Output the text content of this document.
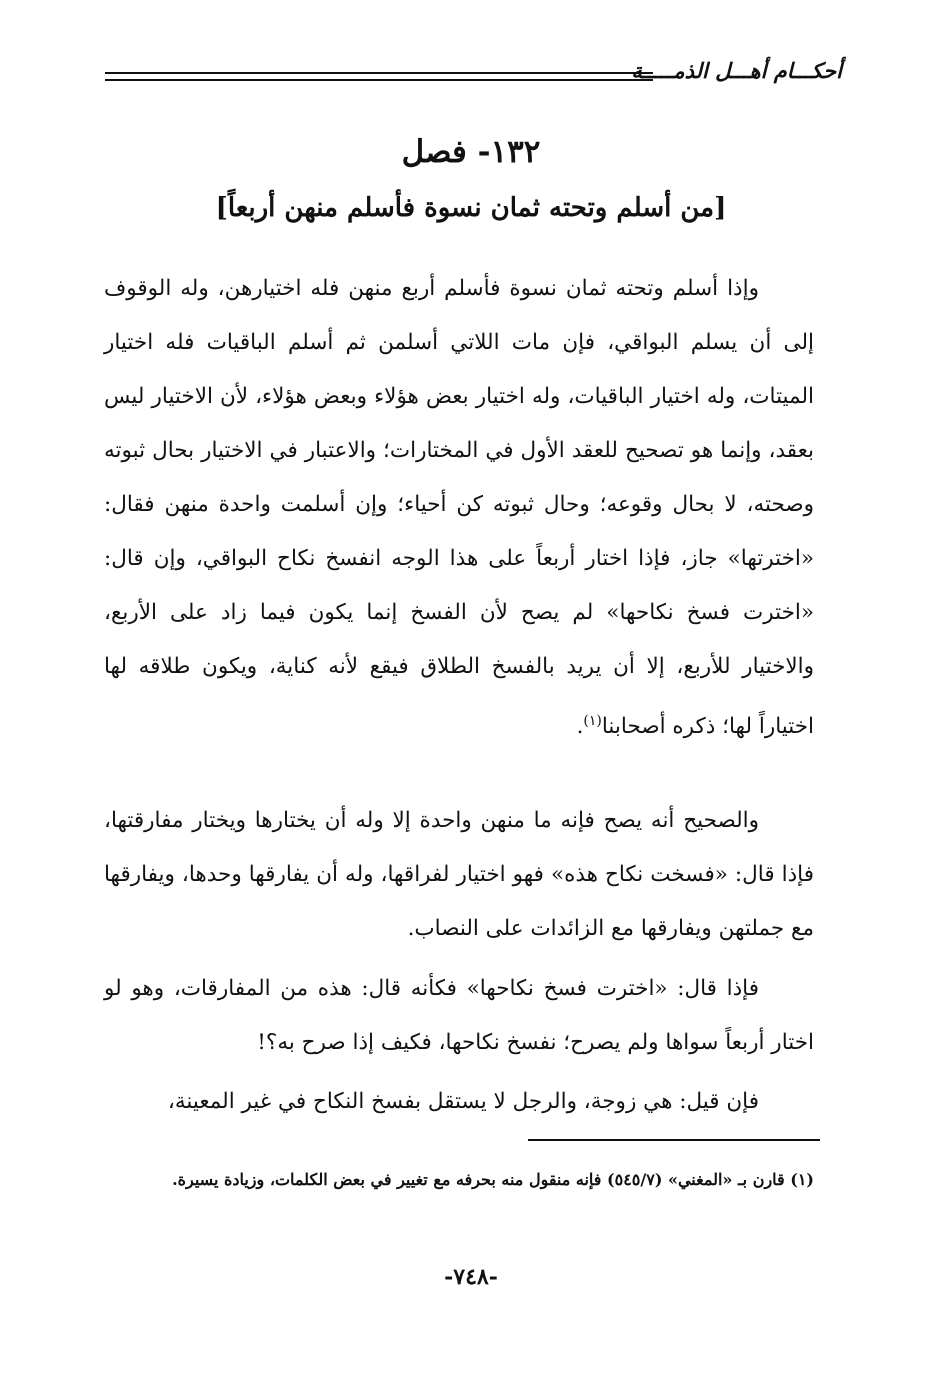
أحكـــام أهـــل الذمـــــة
١٣٢- فصل
[من أسلم وتحته ثمان نسوة فأسلم منهن أربعاً]
وإذا أسلم وتحته ثمان نسوة فأسلم أربع منهن فله اختيارهن، وله الوقوف إلى أن يسلم البواقي، فإن مات اللاتي أسلمن ثم أسلم الباقيات فله اختيار الميتات، وله اختيار الباقيات، وله اختيار بعض هؤلاء وبعض هؤلاء، لأن الاختيار ليس بعقد، وإنما هو تصحيح للعقد الأول في المختارات؛ والاعتبار في الاختيار بحال ثبوته وصحته، لا بحال وقوعه؛ وحال ثبوته كن أحياء؛ وإن أسلمت واحدة منهن فقال: «اخترتها» جاز، فإذا اختار أربعاً على هذا الوجه انفسخ نكاح البواقي، وإن قال: «اخترت فسخ نكاحها» لم يصح لأن الفسخ إنما يكون فيما زاد على الأربع، والاختيار للأربع، إلا أن يريد بالفسخ الطلاق فيقع لأنه كناية، ويكون طلاقه لها اختياراً لها؛ ذكره أصحابنا$^{(١)}$.
والصحيح أنه يصح فإنه ما منهن واحدة إلا وله أن يختارها ويختار مفارقتها، فإذا قال: «فسخت نكاح هذه» فهو اختيار لفراقها، وله أن يفارقها وحدها، ويفارقها مع جملتهن ويفارقها مع الزائدات على النصاب.
فإذا قال: «اخترت فسخ نكاحها» فكأنه قال: هذه من المفارقات، وهو لو اختار أربعاً سواها ولم يصرح؛ نفسخ نكاحها، فكيف إذا صرح به؟!
فإن قيل: هي زوجة، والرجل لا يستقل بفسخ النكاح في غير المعينة،
(١) قارن بـ «المغني» (٥٤٥/٧) فإنه منقول منه بحرفه مع تغيير في بعض الكلمات، وزيادة يسيرة.
-٧٤٨-
